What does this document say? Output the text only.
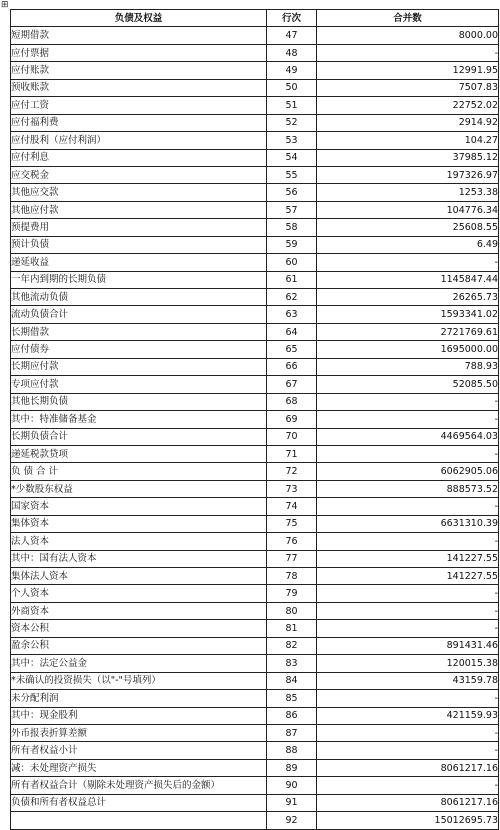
⊞
负债及权益	行次	合并数
短期借款	47	8000.00
应付票据	48	-
应付账款	49	12991.95
预收账款	50	7507.83
应付工资	51	22752.02
应付福利费	52	2914.92
应付股利（应付利润）	53	104.27
应付利息	54	37985.12
应交税金	55	197326.97
其他应交款	56	1253.38
其他应付款	57	104776.34
预提费用	58	25608.55
预计负债	59	6.49
递延收益	60	-
一年内到期的长期负债	61	1145847.44
其他流动负债	62	26265.73
流动负债合计	63	1593341.02
长期借款	64	2721769.61
应付债券	65	1695000.00
长期应付款	66	788.93
专项应付款	67	52085.50
其他长期负债	68	-
其中：特准储备基金	69	-
长期负债合计	70	4469564.03
递延税款贷项	71	-
负 债 合 计	72	6062905.06
*少数股东权益	73	888573.52
国家资本	74	-
集体资本	75	6631310.39
法人资本	76	-
其中：国有法人资本	77	141227.55
集体法人资本	78	141227.55
个人资本	79	-
外商资本	80	-
资本公积	81	-
盈余公积	82	891431.46
其中：法定公益金	83	120015.38
*未确认的投资损失（以"-"号填列）	84	43159.78
未分配利润	85	-
其中：现金股利	86	421159.93
外币报表折算差额	87	-
所有者权益小计	88	-
减：未处理资产损失	89	8061217.16
所有者权益合计（剔除未处理资产损失后的金额）	90	-
负债和所有者权益总计	91	8061217.16
	92	15012695.73
